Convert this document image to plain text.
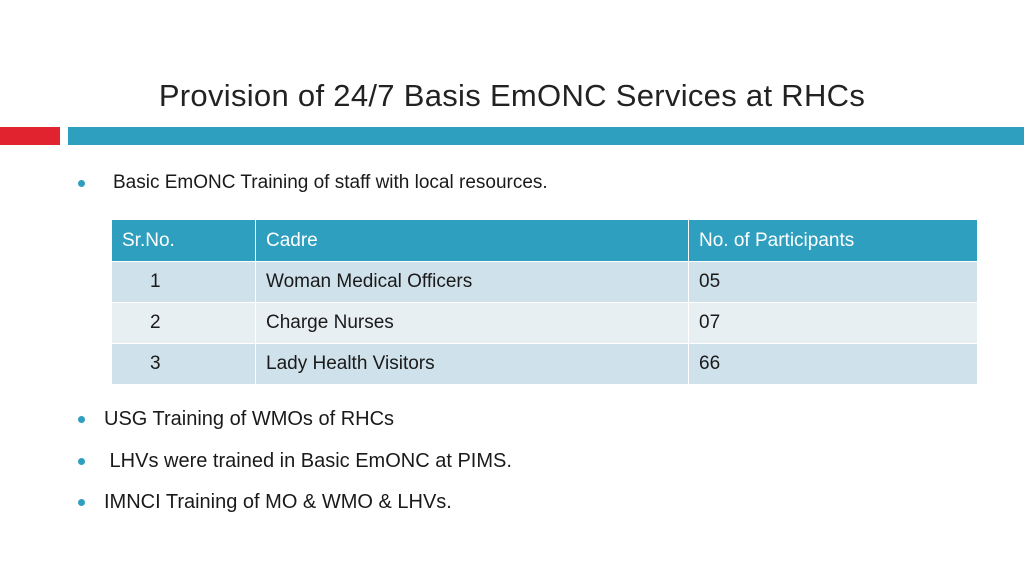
Provision of 24/7 Basis EmONC Services at RHCs
Basic EmONC Training of staff with local resources.
Sr.No.	Cadre	No. of Participants
1	Woman Medical Officers	05
2	Charge Nurses	07
3	Lady Health Visitors	66
USG Training of WMOs of RHCs
LHVs were trained in Basic EmONC at PIMS.
IMNCI Training of MO & WMO & LHVs.
